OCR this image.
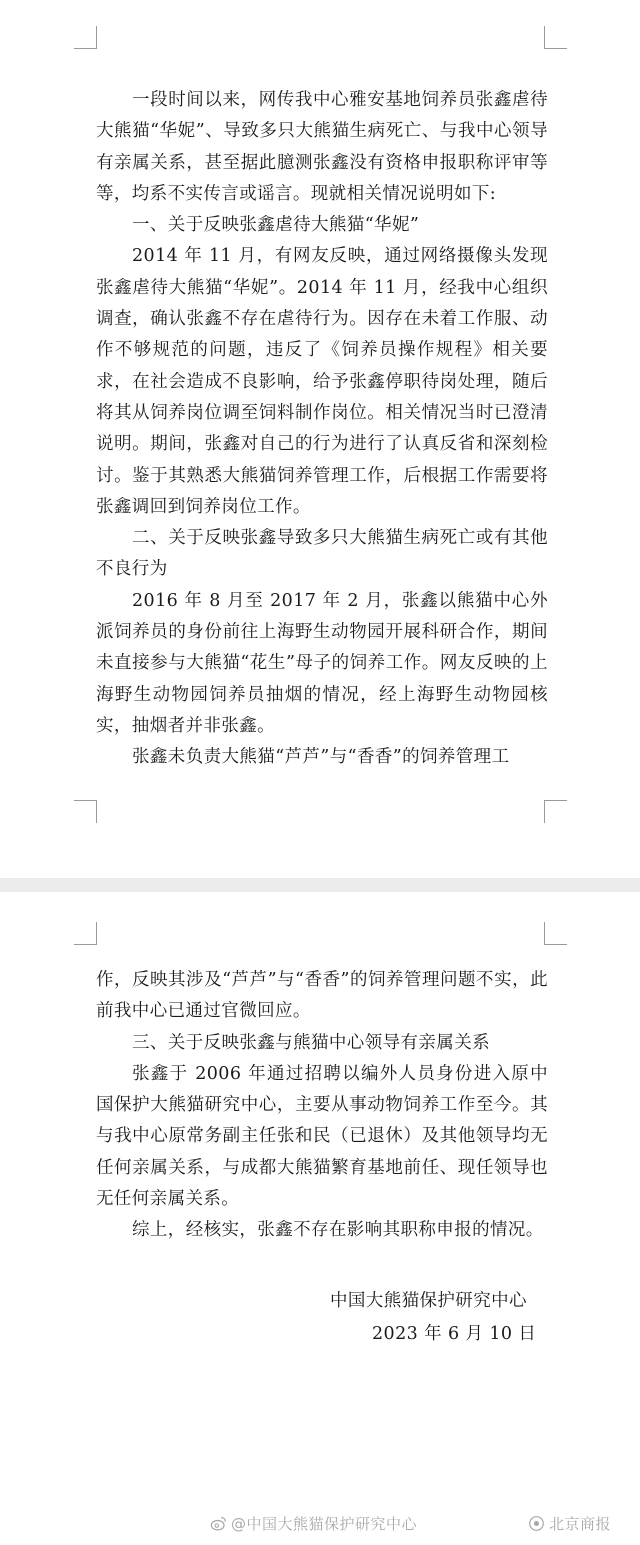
一段时间以来，网传我中心雅安基地饲养员张鑫虐待大熊猫“华妮”、导致多只大熊猫生病死亡、与我中心领导有亲属关系，甚至据此臆测张鑫没有资格申报职称评审等等，均系不实传言或谣言。现就相关情况说明如下:

一、关于反映张鑫虐待大熊猫“华妮”

2014 年 11 月，有网友反映，通过网络摄像头发现张鑫虐待大熊猫“华妮”。2014 年 11 月，经我中心组织调查，确认张鑫不存在虐待行为。因存在未着工作服、动作不够规范的问题，违反了《饲养员操作规程》相关要求，在社会造成不良影响，给予张鑫停职待岗处理，随后将其从饲养岗位调至饲料制作岗位。相关情况当时已澄清说明。期间，张鑫对自己的行为进行了认真反省和深刻检讨。鉴于其熟悉大熊猫饲养管理工作，后根据工作需要将张鑫调回到饲养岗位工作。

二、关于反映张鑫导致多只大熊猫生病死亡或有其他不良行为

2016 年 8 月至 2017 年 2 月，张鑫以熊猫中心外派饲养员的身份前往上海野生动物园开展科研合作，期间未直接参与大熊猫“花生”母子的饲养工作。网友反映的上海野生动物园饲养员抽烟的情况，经上海野生动物园核实，抽烟者并非张鑫。

张鑫未负责大熊猫“芦芦”与“香香”的饲养管理工

作，反映其涉及“芦芦”与“香香”的饲养管理问题不实，此前我中心已通过官微回应。

三、关于反映张鑫与熊猫中心领导有亲属关系

张鑫于 2006 年通过招聘以编外人员身份进入原中国保护大熊猫研究中心，主要从事动物饲养工作至今。其与我中心原常务副主任张和民（已退休）及其他领导均无任何亲属关系，与成都大熊猫繁育基地前任、现任领导也无任何亲属关系。

综上，经核实，张鑫不存在影响其职称申报的情况。

中国大熊猫保护研究中心
2023 年 6 月 10 日
@中国大熊猫保护研究中心	北京商报
